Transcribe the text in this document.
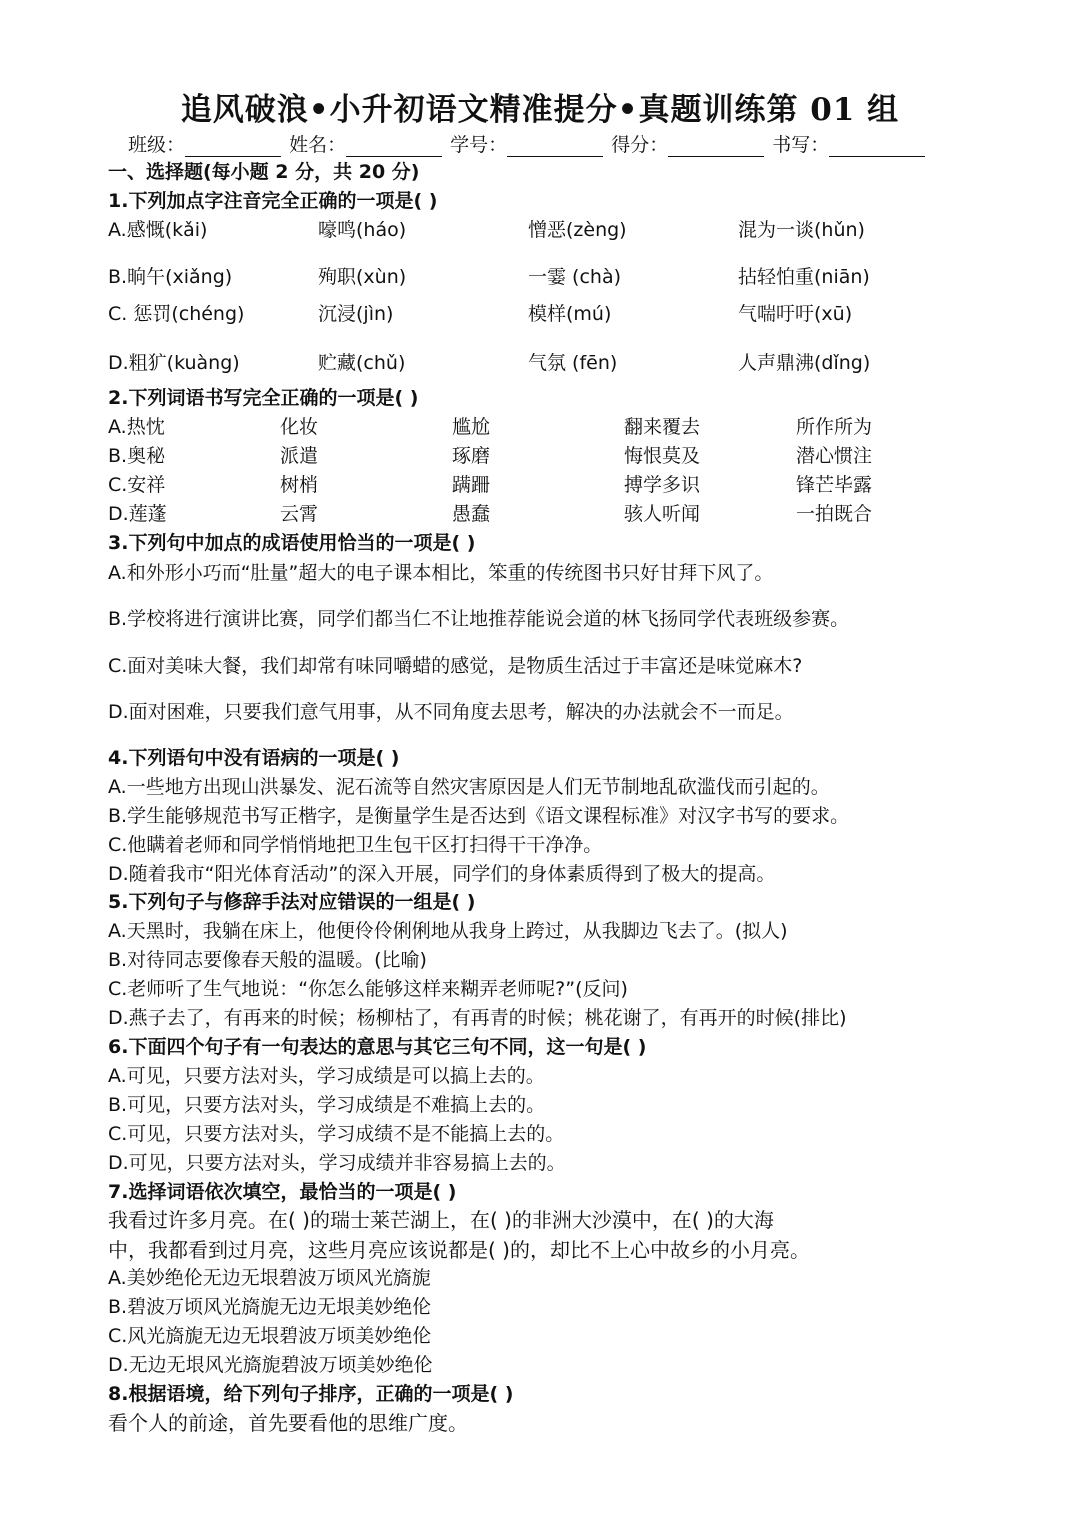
追风破浪•小升初语文精准提分•真题训练第 01 组
班级：	姓名：	学号：	得分：	书写：
一、选择题(每小题 2 分，共 20 分)
1.下列加点字注音完全正确的一项是( )
A.感慨(kǎi)	嚎鸣(háo)	憎恶(zèng)	混为一谈(hǔn)
B.晌午(xiǎng)	殉职(xùn)	一霎 (chà)	拈轻怕重(niān)
C. 惩罚(chéng)	沉浸(jìn)	模样(mú)	气喘吁吁(xū)
D.粗犷(kuàng)	贮藏(chǔ)	气氛 (fēn)	人声鼎沸(dǐng)
2.下列词语书写完全正确的一项是( )
A.热忱	化妆	尴尬	翻来覆去	所作所为
B.奥秘	派遣	琢磨	悔恨莫及	潜心惯注
C.安祥	树梢	蹒跚	搏学多识	锋芒毕露
D.莲蓬	云霄	愚蠢	骇人听闻	一拍既合
3.下列句中加点的成语使用恰当的一项是( )
A.和外形小巧而“肚量”超大的电子课本相比，笨重的传统图书只好甘拜下风了。
B.学校将进行演讲比赛，同学们都当仁不让地推荐能说会道的林飞扬同学代表班级参赛。
C.面对美味大餐，我们却常有味同嚼蜡的感觉，是物质生活过于丰富还是味觉麻木?
D.面对困难，只要我们意气用事，从不同角度去思考，解决的办法就会不一而足。
4.下列语句中没有语病的一项是( )
A.一些地方出现山洪暴发、泥石流等自然灾害原因是人们无节制地乱砍滥伐而引起的。
B.学生能够规范书写正楷字，是衡量学生是否达到《语文课程标准》对汉字书写的要求。
C.他瞒着老师和同学悄悄地把卫生包干区打扫得干干净净。
D.随着我市“阳光体育活动”的深入开展，同学们的身体素质得到了极大的提高。
5.下列句子与修辞手法对应错误的一组是( )
A.天黑时，我躺在床上，他便伶伶俐俐地从我身上跨过，从我脚边飞去了。(拟人)
B.对待同志要像春天般的温暖。(比喻)
C.老师听了生气地说：“你怎么能够这样来糊弄老师呢?”(反问)
D.燕子去了，有再来的时候；杨柳枯了，有再青的时候；桃花谢了，有再开的时候(排比)
6.下面四个句子有一句表达的意思与其它三句不同，这一句是( )
A.可见，只要方法对头，学习成绩是可以搞上去的。
B.可见，只要方法对头，学习成绩是不难搞上去的。
C.可见，只要方法对头，学习成绩不是不能搞上去的。
D.可见，只要方法对头，学习成绩并非容易搞上去的。
7.选择词语依次填空，最恰当的一项是( )
我看过许多月亮。在( )的瑞士莱芒湖上，在( )的非洲大沙漠中，在( )的大海
中，我都看到过月亮，这些月亮应该说都是( )的，却比不上心中故乡的小月亮。
A.美妙绝伦无边无垠碧波万顷风光旖旎
B.碧波万顷风光旖旎无边无垠美妙绝伦
C.风光旖旎无边无垠碧波万顷美妙绝伦
D.无边无垠风光旖旎碧波万顷美妙绝伦
8.根据语境，给下列句子排序，正确的一项是( )
看个人的前途，首先要看他的思维广度。
